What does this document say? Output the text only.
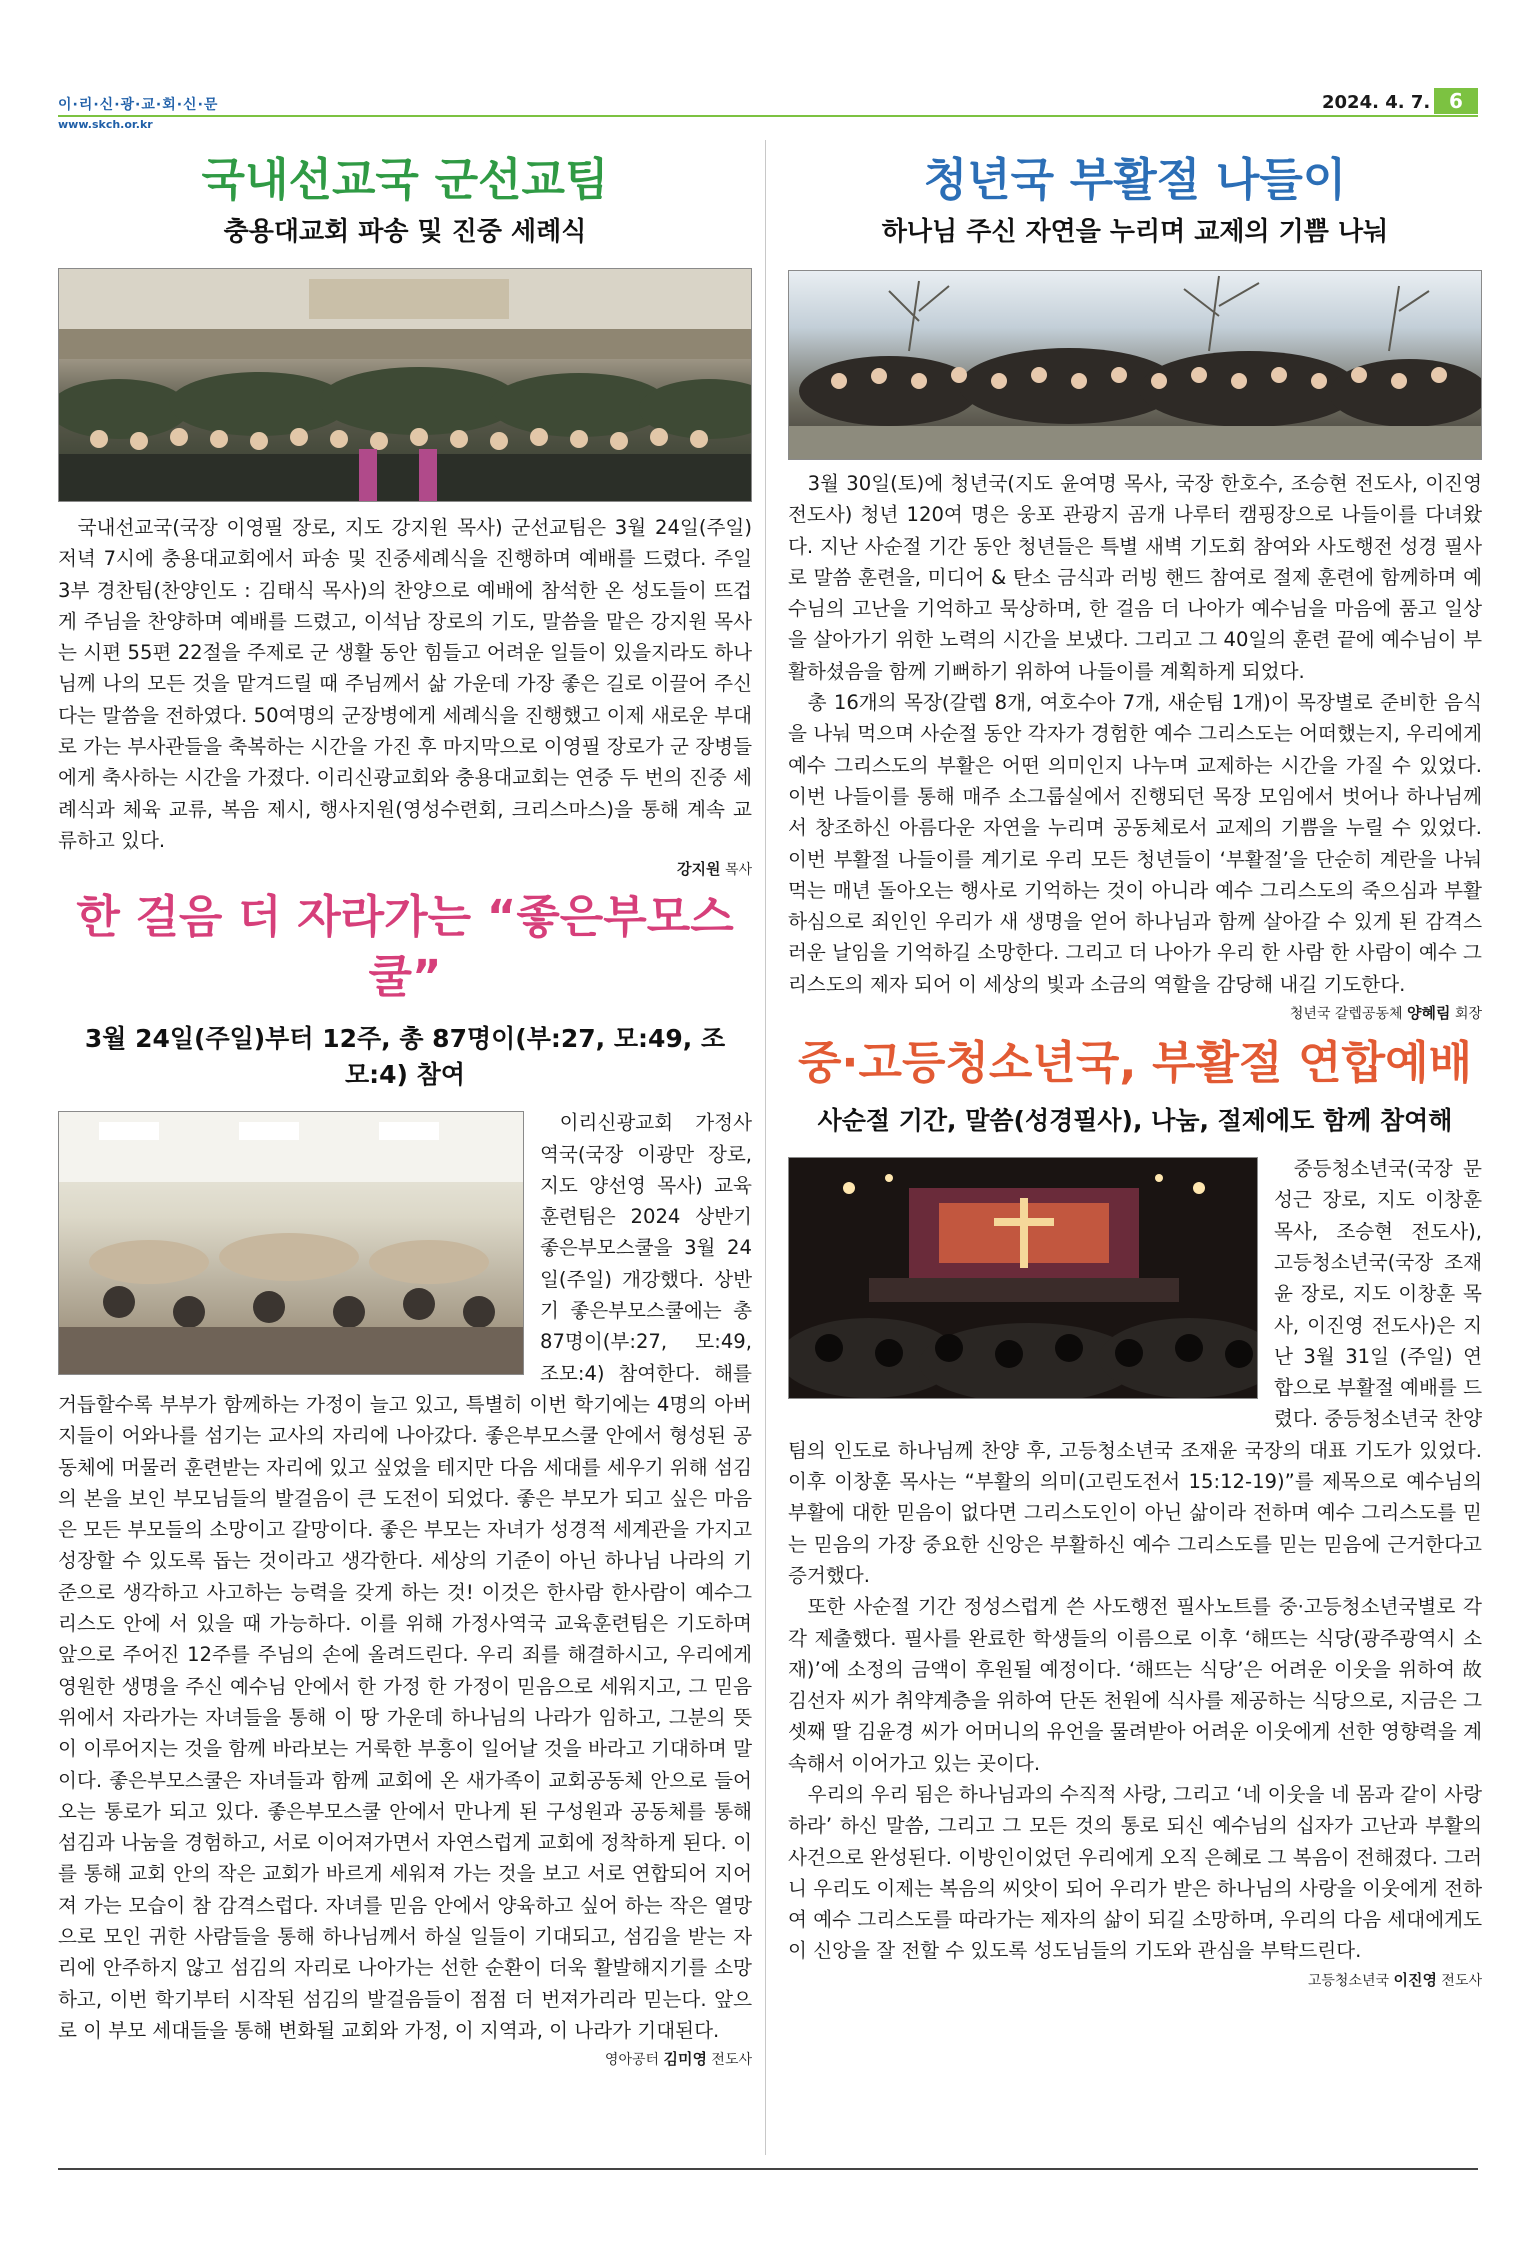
이·리·신·광·교·회·신·문
www.skch.or.kr
2024. 4. 7. 6
국내선교국 군선교팀
충용대교회 파송 및 진중 세례식

국내선교국(국장 이영필 장로, 지도 강지원 목사) 군선교팀은 3월 24일(주일) 저녁 7시에 충용대교회에서 파송 및 진중세례식을 진행하며 예배를 드렸다. 주일 3부 경찬팀(찬양인도 : 김태식 목사)의 찬양으로 예배에 참석한 온 성도들이 뜨겁게 주님을 찬양하며 예배를 드렸고, 이석남 장로의 기도, 말씀을 맡은 강지원 목사는 시편 55편 22절을 주제로 군 생활 동안 힘들고 어려운 일들이 있을지라도 하나님께 나의 모든 것을 맡겨드릴 때 주님께서 삶 가운데 가장 좋은 길로 이끌어 주신다는 말씀을 전하였다. 50여명의 군장병에게 세례식을 진행했고 이제 새로운 부대로 가는 부사관들을 축복하는 시간을 가진 후 마지막으로 이영필 장로가 군 장병들에게 축사하는 시간을 가졌다. 이리신광교회와 충용대교회는 연중 두 번의 진중 세례식과 체육 교류, 복음 제시, 행사지원(영성수련회, 크리스마스)을 통해 계속 교류하고 있다.

강지원 목사
한 걸음 더 자라가는 “좋은부모스쿨”
3월 24일(주일)부터 12주, 총 87명이(부:27, 모:49, 조모:4) 참여

이리신광교회 가정사역국(국장 이광만 장로, 지도 양선영 목사) 교육 훈련팀은 2024 상반기 좋은부모스쿨을 3월 24일(주일) 개강했다. 상반기 좋은부모스쿨에는 총 87명이(부:27, 모:49, 조모:4) 참여한다. 해를 거듭할수록 부부가 함께하는 가정이 늘고 있고, 특별히 이번 학기에는 4명의 아버지들이 어와나를 섬기는 교사의 자리에 나아갔다. 좋은부모스쿨 안에서 형성된 공동체에 머물러 훈련받는 자리에 있고 싶었을 테지만 다음 세대를 세우기 위해 섬김의 본을 보인 부모님들의 발걸음이 큰 도전이 되었다. 좋은 부모가 되고 싶은 마음은 모든 부모들의 소망이고 갈망이다. 좋은 부모는 자녀가 성경적 세계관을 가지고 성장할 수 있도록 돕는 것이라고 생각한다. 세상의 기준이 아닌 하나님 나라의 기준으로 생각하고 사고하는 능력을 갖게 하는 것! 이것은 한사람 한사람이 예수그리스도 안에 서 있을 때 가능하다. 이를 위해 가정사역국 교육훈련팀은 기도하며 앞으로 주어진 12주를 주님의 손에 올려드린다. 우리 죄를 해결하시고, 우리에게 영원한 생명을 주신 예수님 안에서 한 가정 한 가정이 믿음으로 세워지고, 그 믿음 위에서 자라가는 자녀들을 통해 이 땅 가운데 하나님의 나라가 임하고, 그분의 뜻이 이루어지는 것을 함께 바라보는 거룩한 부흥이 일어날 것을 바라고 기대하며 말이다. 좋은부모스쿨은 자녀들과 함께 교회에 온 새가족이 교회공동체 안으로 들어오는 통로가 되고 있다. 좋은부모스쿨 안에서 만나게 된 구성원과 공동체를 통해 섬김과 나눔을 경험하고, 서로 이어져가면서 자연스럽게 교회에 정착하게 된다. 이를 통해 교회 안의 작은 교회가 바르게 세워져 가는 것을 보고 서로 연합되어 지어져 가는 모습이 참 감격스럽다. 자녀를 믿음 안에서 양육하고 싶어 하는 작은 열망으로 모인 귀한 사람들을 통해 하나님께서 하실 일들이 기대되고, 섬김을 받는 자리에 안주하지 않고 섬김의 자리로 나아가는 선한 순환이 더욱 활발해지기를 소망하고, 이번 학기부터 시작된 섬김의 발걸음들이 점점 더 번져가리라 믿는다. 앞으로 이 부모 세대들을 통해 변화될 교회와 가정, 이 지역과, 이 나라가 기대된다.

영아공터 김미영 전도사
청년국 부활절 나들이
하나님 주신 자연을 누리며 교제의 기쁨 나눠

3월 30일(토)에 청년국(지도 윤여명 목사, 국장 한호수, 조승현 전도사, 이진영 전도사) 청년 120여 명은 웅포 관광지 곰개 나루터 캠핑장으로 나들이를 다녀왔다. 지난 사순절 기간 동안 청년들은 특별 새벽 기도회 참여와 사도행전 성경 필사로 말씀 훈련을, 미디어 & 탄소 금식과 러빙 핸드 참여로 절제 훈련에 함께하며 예수님의 고난을 기억하고 묵상하며, 한 걸음 더 나아가 예수님을 마음에 품고 일상을 살아가기 위한 노력의 시간을 보냈다. 그리고 그 40일의 훈련 끝에 예수님이 부활하셨음을 함께 기뻐하기 위하여 나들이를 계획하게 되었다.

총 16개의 목장(갈렙 8개, 여호수아 7개, 새순팀 1개)이 목장별로 준비한 음식을 나눠 먹으며 사순절 동안 각자가 경험한 예수 그리스도는 어떠했는지, 우리에게 예수 그리스도의 부활은 어떤 의미인지 나누며 교제하는 시간을 가질 수 있었다. 이번 나들이를 통해 매주 소그룹실에서 진행되던 목장 모임에서 벗어나 하나님께서 창조하신 아름다운 자연을 누리며 공동체로서 교제의 기쁨을 누릴 수 있었다. 이번 부활절 나들이를 계기로 우리 모든 청년들이 ‘부활절’을 단순히 계란을 나눠 먹는 매년 돌아오는 행사로 기억하는 것이 아니라 예수 그리스도의 죽으심과 부활하심으로 죄인인 우리가 새 생명을 얻어 하나님과 함께 살아갈 수 있게 된 감격스러운 날임을 기억하길 소망한다. 그리고 더 나아가 우리 한 사람 한 사람이 예수 그리스도의 제자 되어 이 세상의 빛과 소금의 역할을 감당해 내길 기도한다.

청년국 갈렙공동체 양혜림 회장
중·고등청소년국, 부활절 연합예배
사순절 기간, 말씀(성경필사), 나눔, 절제에도 함께 참여해

중등청소년국(국장 문성근 장로, 지도 이창훈 목사, 조승현 전도사), 고등청소년국(국장 조재윤 장로, 지도 이창훈 목사, 이진영 전도사)은 지난 3월 31일 (주일) 연합으로 부활절 예배를 드렸다. 중등청소년국 찬양팀의 인도로 하나님께 찬양 후, 고등청소년국 조재윤 국장의 대표 기도가 있었다. 이후 이창훈 목사는 “부활의 의미(고린도전서 15:12-19)”를 제목으로 예수님의 부활에 대한 믿음이 없다면 그리스도인이 아닌 삶이라 전하며 예수 그리스도를 믿는 믿음의 가장 중요한 신앙은 부활하신 예수 그리스도를 믿는 믿음에 근거한다고 증거했다.

또한 사순절 기간 정성스럽게 쓴 사도행전 필사노트를 중·고등청소년국별로 각각 제출했다. 필사를 완료한 학생들의 이름으로 이후 ‘해뜨는 식당(광주광역시 소재)’에 소정의 금액이 후원될 예정이다. ‘해뜨는 식당’은 어려운 이웃을 위하여 故 김선자 씨가 취약계층을 위하여 단돈 천원에 식사를 제공하는 식당으로, 지금은 그 셋째 딸 김윤경 씨가 어머니의 유언을 물려받아 어려운 이웃에게 선한 영향력을 계속해서 이어가고 있는 곳이다.

우리의 우리 됨은 하나님과의 수직적 사랑, 그리고 ‘네 이웃을 네 몸과 같이 사랑하라’ 하신 말씀, 그리고 그 모든 것의 통로 되신 예수님의 십자가 고난과 부활의 사건으로 완성된다. 이방인이었던 우리에게 오직 은혜로 그 복음이 전해졌다. 그러니 우리도 이제는 복음의 씨앗이 되어 우리가 받은 하나님의 사랑을 이웃에게 전하여 예수 그리스도를 따라가는 제자의 삶이 되길 소망하며, 우리의 다음 세대에게도 이 신앙을 잘 전할 수 있도록 성도님들의 기도와 관심을 부탁드린다.

고등청소년국 이진영 전도사
